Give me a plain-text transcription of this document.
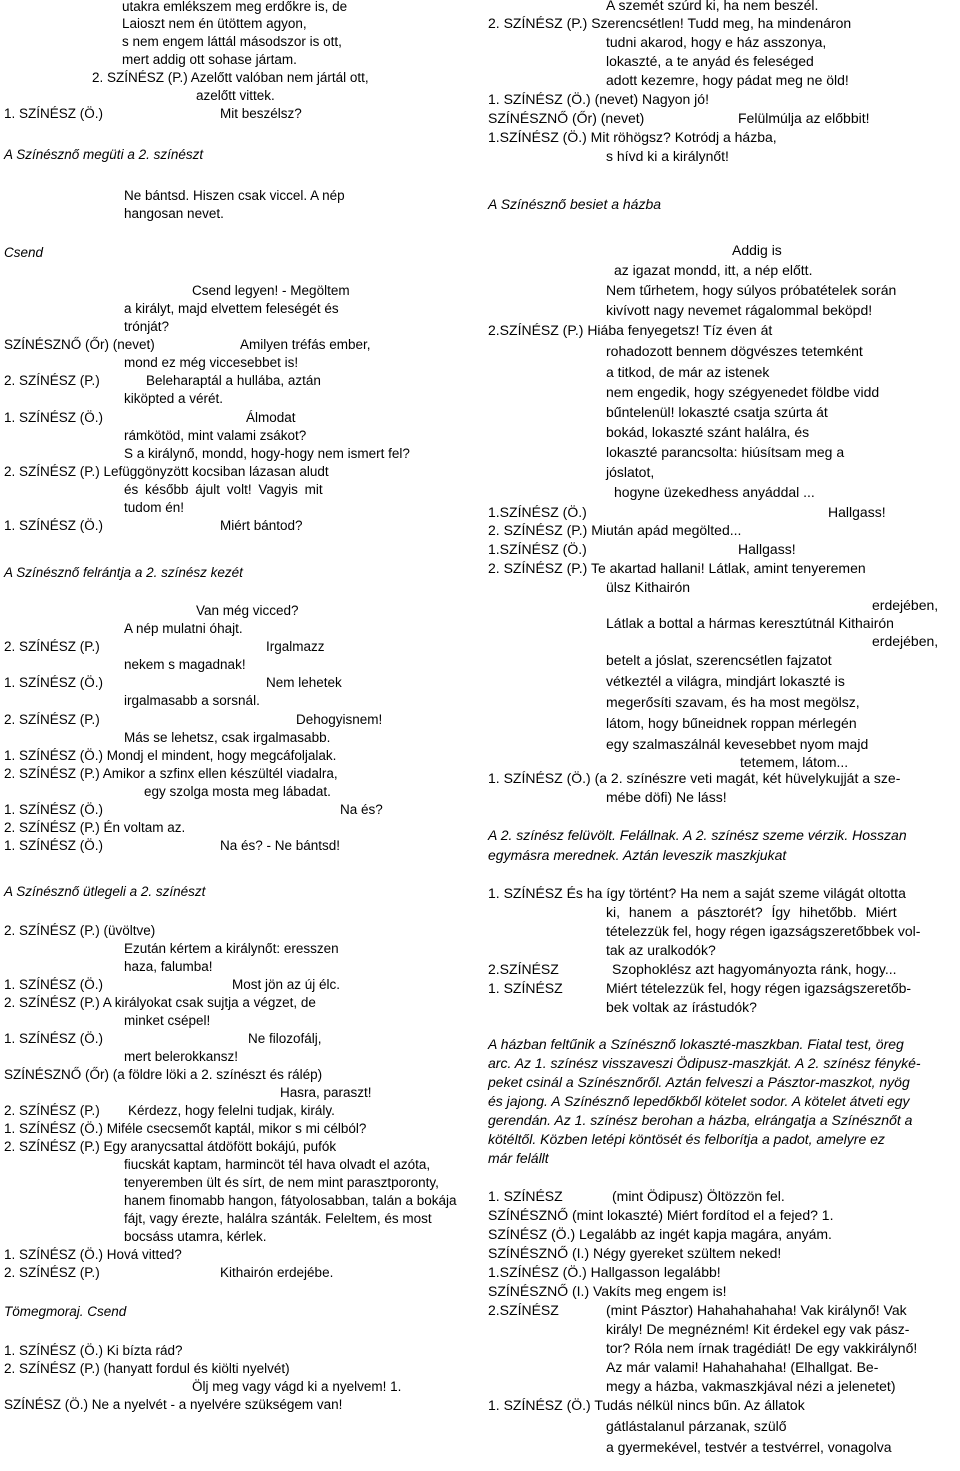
utakra emlékszem meg erdőkre is, de
Laioszt nem én ütöttem agyon,
s nem engem láttál másodszor is ott,
mert addig ott sohase jártam.
2. SZÍNÉSZ (P.) Azelőtt valóban nem jártál ott,
azelőtt vittek.
1. SZÍNÉSZ (Ö.)	Mit beszélsz?
A Színésznő megüti a 2. színészt
Ne bántsd. Hiszen csak viccel. A nép
hangosan nevet.
Csend
Csend legyen! - Megöltem
a királyt, majd elvettem feleségét és
trónját?
SZÍNÉSZNŐ (Őr) (nevet)	Amilyen tréfás ember,
mond ez még viccesebbet is!
2. SZÍNÉSZ (P.)	Beleharaptál a hullába, aztán
kiköpted a vérét.
1. SZÍNÉSZ (Ö.)	Álmodat
rámkötöd, mint valami zsákot?
S a királynő, mondd, hogy-hogy nem ismert fel?
2. SZÍNÉSZ (P.) Lefüggönyzött kocsiban lázasan aludt
és később ájult volt! Vagyis mit
tudom én!
1. SZÍNÉSZ (Ö.)	Miért bántod?
A Színésznő felrántja a 2. színész kezét
Van még vicced?
A nép mulatni óhajt.
2. SZÍNÉSZ (P.)	Irgalmazz
nekem s magadnak!
1. SZÍNÉSZ (Ö.)	Nem lehetek
irgalmasabb a sorsnál.
2. SZÍNÉSZ (P.)	Dehogyisnem!
Más se lehetsz, csak irgalmasabb.
1. SZÍNÉSZ (Ö.) Mondj el mindent, hogy megcáfoljalak.
2. SZÍNÉSZ (P.) Amikor a szfinx ellen készültél viadalra,
egy szolga mosta meg lábadat.
1. SZÍNÉSZ (Ö.)	Na és?
2. SZÍNÉSZ (P.) Én voltam az.
1. SZÍNÉSZ (Ö.)	Na és? - Ne bántsd!
A Színésznő ütlegeli a 2. színészt
2. SZÍNÉSZ (P.) (üvöltve)
Ezután kértem a királynőt: eresszen
haza, falumba!
1. SZÍNÉSZ (Ö.)	Most jön az új élc.
2. SZÍNÉSZ (P.) A királyokat csak sujtja a végzet, de
minket csépel!
1. SZÍNÉSZ (Ö.)	Ne filozofálj,
mert belerokkansz!
SZÍNÉSZNŐ (Őr) (a földre löki a 2. színészt és rálép)
Hasra, paraszt!
2. SZÍNÉSZ (P.) Kérdezz, hogy felelni tudjak, király.
1. SZÍNÉSZ (Ö.) Miféle csecsemőt kaptál, mikor s mi célból?
2. SZÍNÉSZ (P.) Egy aranycsattal átdöfött bokájú, pufók
fiucskát kaptam, harmincöt tél hava olvadt el azóta,
tenyeremben ült és sírt, de nem mint parasztporonty,
hanem finomabb hangon, fátyolosabban, talán a bokája
fájt, vagy érezte, halálra szánták. Feleltem, és most
bocsáss utamra, kérlek.
1. SZÍNÉSZ (Ö.) Hová vitted?
2. SZÍNÉSZ (P.)	Kithairón erdejébe.
Tömegmoraj. Csend
1. SZÍNÉSZ (Ö.) Ki bízta rád?
2. SZÍNÉSZ (P.) (hanyatt fordul és kiölti nyelvét)
Ölj meg vagy vágd ki a nyelvem! 1.
SZÍNÉSZ (Ö.) Ne a nyelvét - a nyelvére szükségem van!
A szemét szúrd ki, ha nem beszél.
2. SZÍNÉSZ (P.) Szerencsétlen! Tudd meg, ha mindenáron
tudni akarod, hogy e ház asszonya,
lokaszté, a te anyád és feleséged
adott kezemre, hogy pádat meg ne öld!
1. SZÍNÉSZ (Ö.) (nevet) Nagyon jó!
SZÍNÉSZNŐ (Őr) (nevet)	Felülmúlja az előbbit!
1.SZÍNÉSZ (Ö.) Mit röhögsz? Kotródj a házba,
s hívd ki a királynőt!
A Színésznő besiet a házba
Addig is
az igazat mondd, itt, a nép előtt.
Nem tűrhetem, hogy súlyos próbatételek során
kivívott nagy nevemet rágalommal beköpd!
2.SZÍNÉSZ (P.) Hiába fenyegetsz! Tíz éven át
rohadozott bennem dögvészes tetemként
a titkod, de már az istenek
nem engedik, hogy szégyenedet földbe vidd
bűntelenül! lokaszté csatja szúrta át
bokád, lokaszté szánt halálra, és
lokaszté parancsolta: hiúsítsam meg a
jóslatot,
hogyne üzekedhess anyáddal ...
1.SZÍNÉSZ (Ö.)	Hallgass!
2. SZÍNÉSZ (P.) Miután apád megölted...
1.SZÍNÉSZ (Ö.)	Hallgass!
2. SZÍNÉSZ (P.) Te akartad hallani! Látlak, amint tenyeremen
ülsz Kithairón
erdejében,
Látlak a bottal a hármas keresztútnál Kithairón
erdejében,
betelt a jóslat, szerencsétlen fajzatot
vétkeztél a világra, mindjárt lokaszté is
megerősíti szavam, és ha most megölsz,
látom, hogy bűneidnek roppan mérlegén
egy szalmaszálnál kevesebbet nyom majd
tetemem, látom...
1. SZÍNÉSZ (Ö.) (a 2. színészre veti magát, két hüvelykujját a sze-
mébe döfi) Ne láss!
A 2. színész felüvölt. Felállnak. A 2. színész szeme vérzik. Hosszan
egymásra merednek. Aztán leveszik maszkjukat
1. SZÍNÉSZ És ha így történt? Ha nem a saját szeme világát oltotta
ki, hanem a pásztorét? Így hihetőbb. Miért
tételezzük fel, hogy régen igazságszeretőbbek vol-
tak az uralkodók?
2.SZÍNÉSZ	Szophoklész azt hagyományozta ránk, hogy...
1. SZÍNÉSZ	Miért tételezzük fel, hogy régen igazságszeretőb-
bek voltak az írástudók?
A házban feltűnik a Színésznő lokaszté-maszkban. Fiatal test, öreg
arc. Az 1. színész visszaveszi Ödipusz-maszkját. A 2. színész fényké-
peket csinál a Színésznőről. Aztán felveszi a Pásztor-maszkot, nyög
és jajong. A Színésznő lepedőkből kötelet sodor. A kötelet átveti egy
gerendán. Az 1. színész berohan a házba, elrángatja a Színésznőt a
kötéltől. Közben letépi köntösét és felborítja a padot, amelyre ez
már felállt
1. SZÍNÉSZ	(mint Ödipusz) Öltözzön fel.
SZÍNÉSZNŐ (mint lokaszté) Miért fordítod el a fejed? 1.
SZÍNÉSZ (Ö.) Legalább az ingét kapja magára, anyám.
SZÍNÉSZNŐ (I.) Négy gyereket szültem neked!
1.SZÍNÉSZ (Ö.) Hallgasson legalább!
SZÍNÉSZNŐ (I.) Vakíts meg engem is!
2.SZÍNÉSZ	(mint Pásztor) Hahahahahaha! Vak királynő! Vak
király! De megnézném! Kit érdekel egy vak pász-
tor? Róla nem írnak tragédiát! De egy vakkirálynő!
Az már valami! Hahahahaha! (Elhallgat. Be-
megy a házba, vakmaszkjával nézi a jelenetet)
1. SZÍNÉSZ (Ö.) Tudás nélkül nincs bűn. Az állatok
gátlástalanul párzanak, szülő
a gyermekével, testvér a testvérrel, vonagolva
